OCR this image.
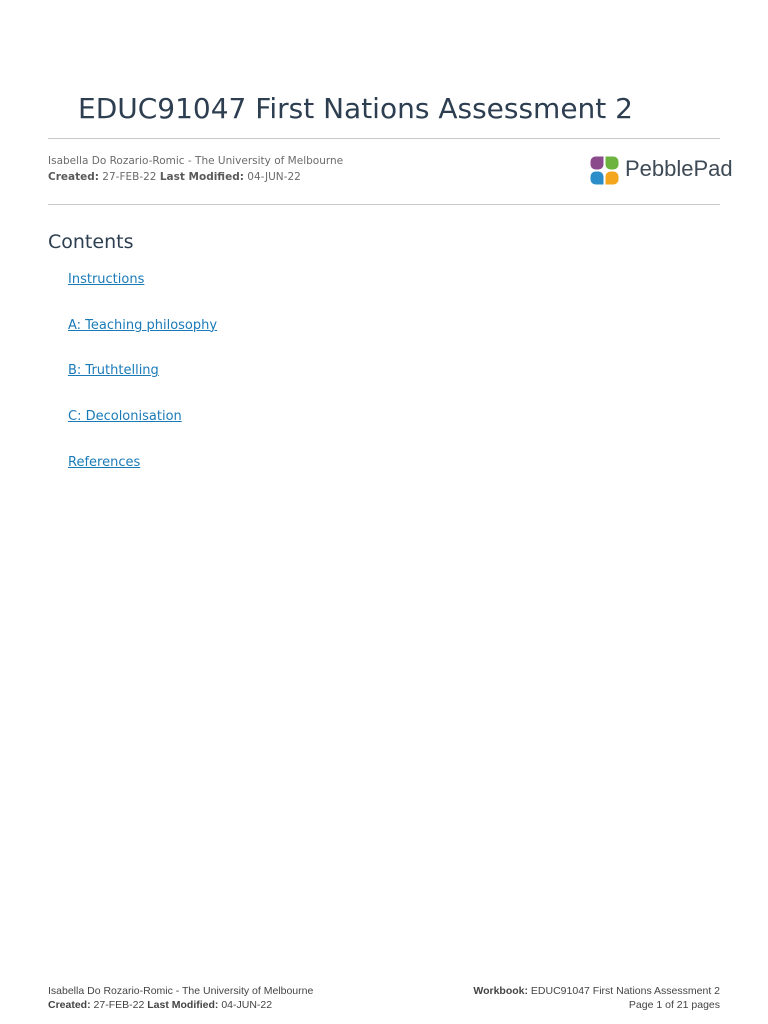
EDUC91047 First Nations Assessment 2
Isabella Do Rozario-Romic - The University of Melbourne
Created: 27-FEB-22 Last Modified: 04-JUN-22	PebblePad
Contents
Instructions
A: Teaching philosophy
B: Truthtelling
C: Decolonisation
References
Isabella Do Rozario-Romic - The University of Melbourne
Created: 27-FEB-22 Last Modified: 04-JUN-22
Workbook: EDUC91047 First Nations Assessment 2
Page 1 of 21 pages
